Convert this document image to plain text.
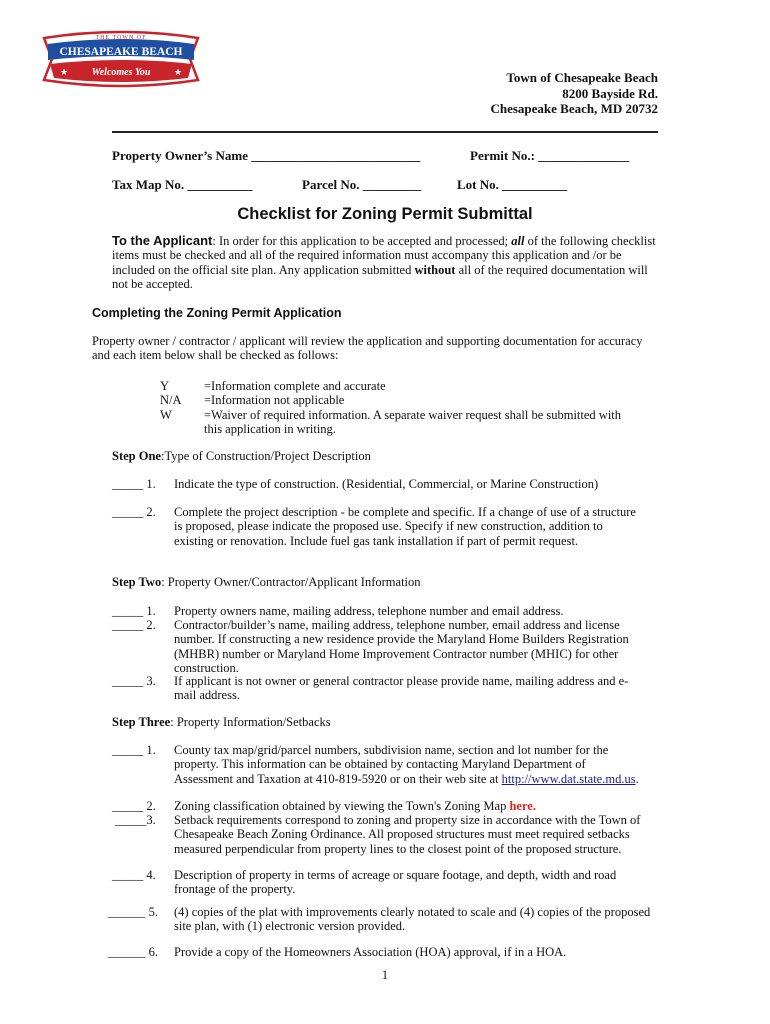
THE TOWN OF
CHESAPEAKE BEACH
Welcomes You
★	★	Town of Chesapeake Beach
8200 Bayside Rd.
Chesapeake Beach, MD 20732
Property Owner’s Name __________________________	Permit No.: ______________
Tax Map No. __________	Parcel No. _________	Lot No. __________
Checklist for Zoning Permit Submittal
To the Applicant: In order for this application to be accepted and processed; all of the following checklist items must be checked and all of the required information must accompany this application and /or be included on the official site plan. Any application submitted without all of the required documentation will not be accepted.
Completing the Zoning Permit Application
Property owner / contractor / applicant will review the application and supporting documentation for accuracy and each item below shall be checked as follows:
Y	=Information complete and accurate
N/A	=Information not applicable
W	=Waiver of required information. A separate waiver request shall be submitted with this application in writing.
Step One:Type of Construction/Project Description
_____ 1.	Indicate the type of construction. (Residential, Commercial, or Marine Construction)
_____ 2.	Complete the project description - be complete and specific. If a change of use of a structure is proposed, please indicate the proposed use. Specify if new construction, addition to existing or renovation. Include fuel gas tank installation if part of permit request.
Step Two: Property Owner/Contractor/Applicant Information
_____ 1.	Property owners name, mailing address, telephone number and email address.
_____ 2.	Contractor/builder’s name, mailing address, telephone number, email address and license number. If constructing a new residence provide the Maryland Home Builders Registration (MHBR) number or Maryland Home Improvement Contractor number (MHIC) for other construction.
_____ 3.	If applicant is not owner or general contractor please provide name, mailing address and e-mail address.
Step Three: Property Information/Setbacks
_____ 1.	County tax map/grid/parcel numbers, subdivision name, section and lot number for the property. This information can be obtained by contacting Maryland Department of Assessment and Taxation at 410-819-5920 or on their web site at http://www.dat.state.md.us.
_____ 2.	Zoning classification obtained by viewing the Town's Zoning Map here.
_____3.	Setback requirements correspond to zoning and property size in accordance with the Town of Chesapeake Beach Zoning Ordinance. All proposed structures must meet required setbacks measured perpendicular from property lines to the closest point of the proposed structure.
_____ 4.	Description of property in terms of acreage or square footage, and depth, width and road frontage of the property.
______ 5.	(4) copies of the plat with improvements clearly notated to scale and (4) copies of the proposed site plan, with (1) electronic version provided.
______ 6.	Provide a copy of the Homeowners Association (HOA) approval, if in a HOA.
1
